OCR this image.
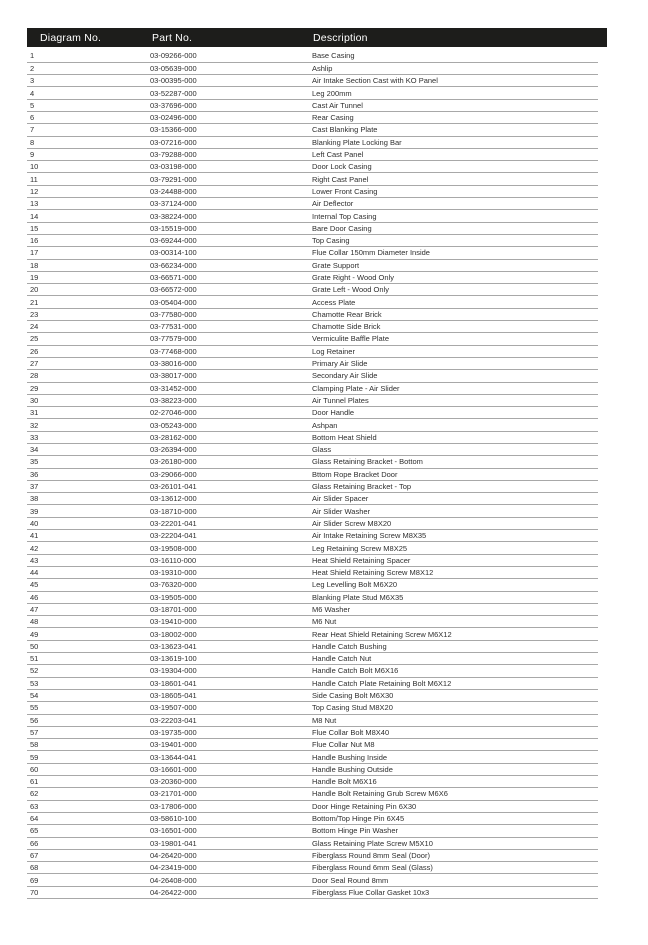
Diagram No.	Part No.	Description
1	03-09266-000	Base Casing
2	03-05639-000	Ashlip
3	03-00395-000	Air Intake Section Cast with KO Panel
4	03-52287-000	Leg 200mm
5	03-37696-000	Cast Air Tunnel
6	03-02496-000	Rear Casing
7	03-15366-000	Cast Blanking Plate
8	03-07216-000	Blanking Plate Locking Bar
9	03-79288-000	Left Cast Panel
10	03-03198-000	Door Lock Casing
11	03-79291-000	Right Cast Panel
12	03-24488-000	Lower Front Casing
13	03-37124-000	Air Deflector
14	03-38224-000	Internal Top Casing
15	03-15519-000	Bare Door Casing
16	03-69244-000	Top Casing
17	03-00314-100	Flue Collar 150mm Diameter Inside
18	03-66234-000	Grate Support
19	03-66571-000	Grate Right - Wood Only
20	03-66572-000	Grate Left - Wood Only
21	03-05404-000	Access Plate
23	03-77580-000	Chamotte Rear Brick
24	03-77531-000	Chamotte Side Brick
25	03-77579-000	Vermiculite Baffle Plate
26	03-77468-000	Log Retainer
27	03-38016-000	Primary Air Slide
28	03-38017-000	Secondary Air Slide
29	03-31452-000	Clamping Plate - Air Slider
30	03-38223-000	Air Tunnel Plates
31	02-27046-000	Door Handle
32	03-05243-000	Ashpan
33	03-28162-000	Bottom Heat Shield
34	03-26394-000	Glass
35	03-26180-000	Glass Retaining Bracket - Bottom
36	03-29066-000	Bttom Rope Bracket Door
37	03-26101-041	Glass Retaining Bracket - Top
38	03-13612-000	Air Slider Spacer
39	03-18710-000	Air Slider Washer
40	03-22201-041	Air Slider Screw M8X20
41	03-22204-041	Air Intake Retaining Screw M8X35
42	03-19508-000	Leg Retaining Screw M8X25
43	03-16110-000	Heat Shield Retaining Spacer
44	03-19310-000	Heat Shield Retaining Screw M8X12
45	03-76320-000	Leg Levelling Bolt M6X20
46	03-19505-000	Blanking Plate Stud M6X35
47	03-18701-000	M6 Washer
48	03-19410-000	M6 Nut
49	03-18002-000	Rear Heat Shield Retaining Screw M6X12
50	03-13623-041	Handle Catch Bushing
51	03-13619-100	Handle Catch Nut
52	03-19304-000	Handle Catch Bolt M6X16
53	03-18601-041	Handle Catch Plate Retaining Bolt M6X12
54	03-18605-041	Side Casing Bolt M6X30
55	03-19507-000	Top Casing Stud M8X20
56	03-22203-041	M8 Nut
57	03-19735-000	Flue Collar Bolt M8X40
58	03-19401-000	Flue Collar Nut M8
59	03-13644-041	Handle Bushing Inside
60	03-16601-000	Handle Bushing Outside
61	03-20360-000	Handle Bolt M6X16
62	03-21701-000	Handle Bolt Retaining Grub Screw M6X6
63	03-17806-000	Door Hinge Retaining Pin 6X30
64	03-58610-100	Bottom/Top Hinge Pin 6X45
65	03-16501-000	Bottom Hinge Pin Washer
66	03-19801-041	Glass Retaining Plate Screw M5X10
67	04-26420-000	Fiberglass Round 8mm Seal (Door)
68	04-23419-000	Fiberglass Round 6mm Seal (Glass)
69	04-26408-000	Door Seal Round 8mm
70	04-26422-000	Fiberglass Flue Collar Gasket 10x3
